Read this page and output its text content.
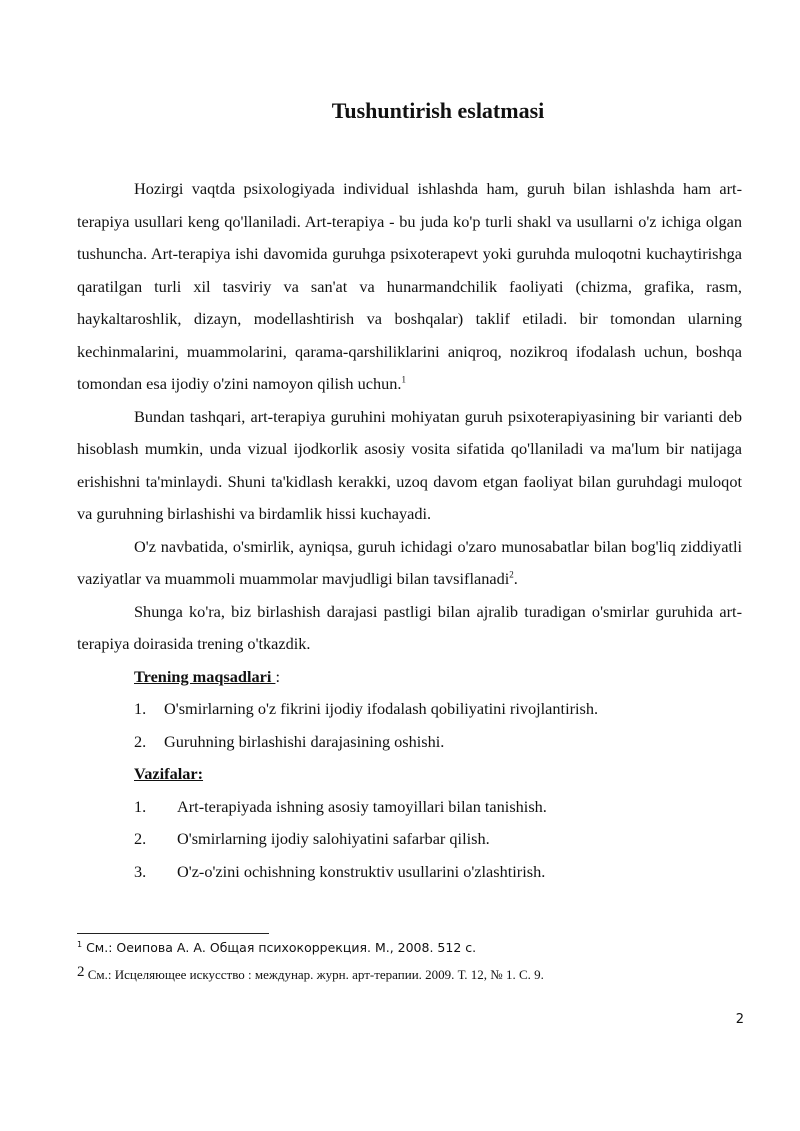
Tushuntirish eslatmasi

Hozirgi vaqtda psixologiyada individual ishlashda ham, guruh bilan ishlashda ham art-terapiya usullari keng qo'llaniladi. Art-terapiya - bu juda ko'p turli shakl va usullarni o'z ichiga olgan tushuncha. Art-terapiya ishi davomida guruhga psixoterapevt yoki guruhda muloqotni kuchaytirishga qaratilgan turli xil tasviriy va san'at va hunarmandchilik faoliyati (chizma, grafika, rasm, haykaltaroshlik, dizayn, modellashtirish va boshqalar) taklif etiladi. bir tomondan ularning kechinmalarini, muammolarini, qarama-qarshiliklarini aniqroq, nozikroq ifodalash uchun, boshqa tomondan esa ijodiy o'zini namoyon qilish uchun.$^1$

Bundan tashqari, art-terapiya guruhini mohiyatan guruh psixoterapiyasining bir varianti deb hisoblash mumkin, unda vizual ijodkorlik asosiy vosita sifatida qo'llaniladi va ma'lum bir natijaga erishishni ta'minlaydi. Shuni ta'kidlash kerakki, uzoq davom etgan faoliyat bilan guruhdagi muloqot va guruhning birlashishi va birdamlik hissi kuchayadi.

O'z navbatida, o'smirlik, ayniqsa, guruh ichidagi o'zaro munosabatlar bilan bog'liq ziddiyatli vaziyatlar va muammoli muammolar mavjudligi bilan tavsiflanadi$^2$.

Shunga ko'ra, biz birlashish darajasi pastligi bilan ajralib turadigan o'smirlar guruhida art-terapiya doirasida trening o'tkazdik.

Trening maqsadlari :
1.	O'smirlarning o'z fikrini ijodiy ifodalash qobiliyatini rivojlantirish.
2.	Guruhning birlashishi darajasining oshishi.
Vazifalar:
1.	Art-terapiyada ishning asosiy tamoyillari bilan tanishish.
2.	O'smirlarning ijodiy salohiyatini safarbar qilish.
3.	O'z-o'zini ochishning konstruktiv usullarini o'zlashtirish.
$^1$ См.: Оеипова А. А. Общая психокоррекция. М., 2008. 512 с.
2 См.: Исцеляющее искусство : междунар. журн. арт-терапии. 2009. Т. 12, № 1. С. 9.
2
